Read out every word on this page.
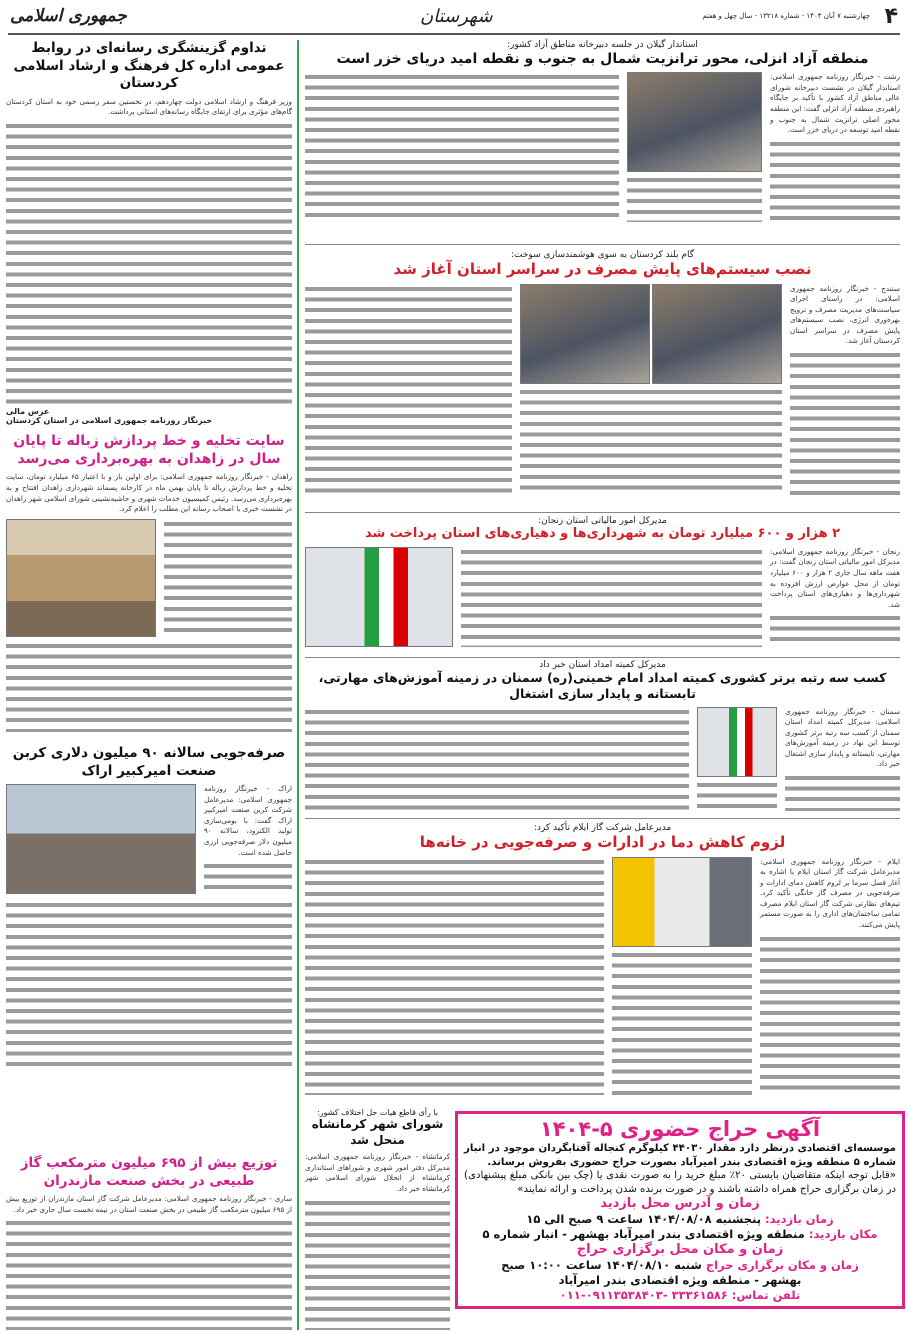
۴
چهارشنبه ۷ آبان ۱۴۰۴ - شماره ۱۳۲۱۸ - سال چهل و هفتم
شهرستان
جمهوری اسلامی
استاندار گیلان در جلسه دبیرخانه مناطق آزاد کشور:
منطقه آزاد انزلی، محور ترانزیت شمال به جنوب و نقطه امید دریای خزر است
رشت - خبرنگار روزنامه جمهوری اسلامی: استاندار گیلان در نشست دبیرخانه شورای عالی مناطق آزاد کشور با تأکید بر جایگاه راهبردی منطقه آزاد انزلی گفت: این منطقه محور اصلی ترانزیت شمال به جنوب و نقطه امید توسعه در دریای خزر است.
گام بلند کردستان به سوی هوشمندسازی سوخت:
نصب سیستم‌های پایش مصرف در سراسر استان آغاز شد
سنندج - خبرنگار روزنامه جمهوری اسلامی: در راستای اجرای سیاست‌های مدیریت مصرف و ترویج بهره‌وری انرژی، نصب سیستم‌های پایش مصرف در سراسر استان کردستان آغاز شد.
مدیرکل امور مالیاتی استان زنجان:
۲ هزار و ۶۰۰ میلیارد تومان به شهرداری‌ها و دهیاری‌های استان پرداخت شد
زنجان - خبرنگار روزنامه جمهوری اسلامی: مدیرکل امور مالیاتی استان زنجان گفت: در هفت ماهه سال جاری ۲ هزار و ۶۰۰ میلیارد تومان از محل عوارض ارزش افزوده به شهرداری‌ها و دهیاری‌های استان پرداخت شد.
مدیرکل کمیته امداد استان خبر داد
کسب سه رتبه برتر کشوری کمیته امداد امام خمینی(ره) سمنان در زمینه آموزش‌های مهارتی، تابستانه و پایدار سازی اشتغال
سمنان - خبرنگار روزنامه جمهوری اسلامی: مدیرکل کمیته امداد استان سمنان از کسب سه رتبه برتر کشوری توسط این نهاد در زمینه آموزش‌های مهارتی، تابستانه و پایدار سازی اشتغال خبر داد.
مدیرعامل شرکت گاز ایلام تأکید کرد:
لزوم کاهش دما در ادارات و صرفه‌جویی در خانه‌ها
ایلام - خبرنگار روزنامه جمهوری اسلامی: مدیرعامل شرکت گاز استان ایلام با اشاره به آغاز فصل سرما بر لزوم کاهش دمای ادارات و صرفه‌جویی در مصرف گاز خانگی تأکید کرد. تیم‌های نظارتی شرکت گاز استان ایلام مصرف تمامی ساختمان‌های اداری را به صورت مستمر پایش می‌کنند.
با رأی قاطع هیات حل اختلاف کشور:
شورای شهر کرمانشاه منحل شد
کرمانشاه - خبرنگار روزنامه جمهوری اسلامی: مدیرکل دفتر امور شهری و شوراهای استانداری کرمانشاه از انحلال شورای اسلامی شهر کرمانشاه خبر داد.
آگهی حراج حضوری ۵-۱۴۰۴
موسسه‌ای اقتصادی درنظر دارد مقدار ۴۴۰۳۰ کیلوگرم کنجاله آفتابگردان موجود در انبار شماره ۵ منطقه ویژه اقتصادی بندر امیرآباد بصورت حراج حضوری بفروش برساند.
«قابل توجه اینکه متقاضیان بایستی ۲۰٪ مبلغ خرید را به صورت نقدی یا (چک بین بانکی مبلغ پیشنهادی) در زمان برگزاری حراج همراه داشته باشند و در صورت برنده شدن پرداخت و ارائه نمایند»
زمان و آدرس محل بازدید
زمان بازدید: پنجشنبه ۱۴۰۴/۰۸/۰۸ ساعت ۹ صبح الی ۱۵
مکان بازدید: منطقه ویژه اقتصادی بندر امیرآباد بهشهر - انبار شماره ۵
زمان و مکان محل برگزاری حراج
زمان و مکان برگزاری حراج شنبه ۱۴۰۴/۰۸/۱۰ ساعت ۱۰:۰۰ صبح
بهشهر - منطقه ویژه اقتصادی بندر امیرآباد
تلفن تماس: ۳۳۳۶۱۵۸۶ -۰۹۱۱۳۵۳۸۴۰۳-۰۱۱
تداوم گزینشگری رسانه‌ای در روابط عمومی اداره کل فرهنگ و ارشاد اسلامی کردستان
وزیر فرهنگ و ارشاد اسلامی دولت چهاردهم، در نخستین سفر رسمی خود به استان کردستان گام‌های مؤثری برای ارتقای جایگاه رسانه‌های استانی برداشت.
عرس مالی
خبرنگار روزنامه جمهوری اسلامی در استان کردستان
سایت تخلیه و خط پردازش زباله تا پایان سال در زاهدان به بهره‌برداری می‌رسد
زاهدان - خبرنگار روزنامه جمهوری اسلامی: برای اولین بار و با اعتبار ۶۵ میلیارد تومان، سایت تخلیه و خط پردازش زباله تا پایان بهمن ماه در کارخانه پسماند شهرداری زاهدان افتتاح و به بهره‌برداری می‌رسد. رئیس کمیسیون خدمات شهری و حاشیه‌نشینی شورای اسلامی شهر زاهدان در نشست خبری با اصحاب رسانه این مطلب را اعلام کرد.
صرفه‌جویی سالانه ۹۰ میلیون دلاری کربن صنعت امیرکبیر اراک
اراک - خبرنگار روزنامه جمهوری اسلامی: مدیرعامل شرکت کربن صنعت امیرکبیر اراک گفت: با بومی‌سازی تولید الکترود، سالانه ۹۰ میلیون دلار صرفه‌جویی ارزی حاصل شده است.
توزیع بیش از ۶۹۵ میلیون مترمکعب گاز طبیعی در بخش صنعت مازندران
ساری - خبرنگار روزنامه جمهوری اسلامی: مدیرعامل شرکت گاز استان مازندران از توزیع بیش از ۶۹۵ میلیون مترمکعب گاز طبیعی در بخش صنعت استان در نیمه نخست سال جاری خبر داد.
